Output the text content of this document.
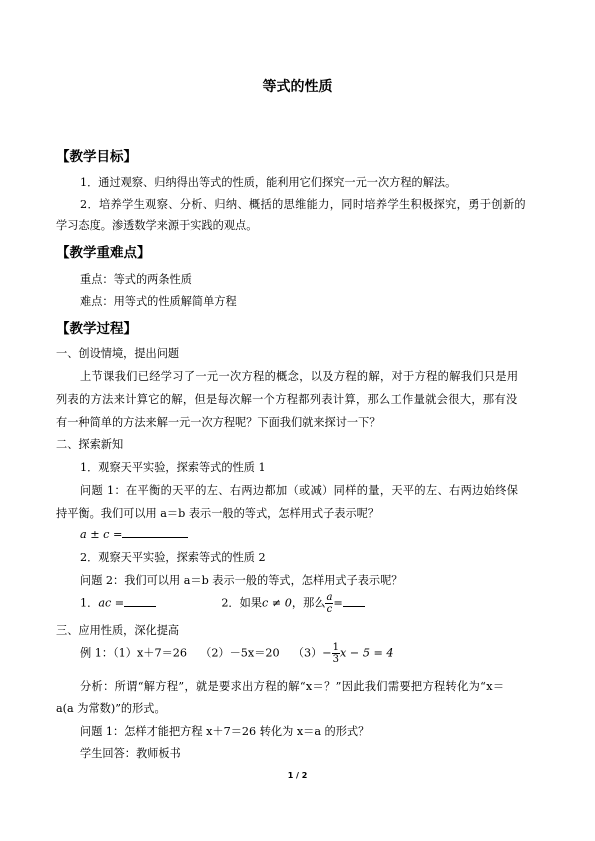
等式的性质
【教学目标】
1．通过观察、归纳得出等式的性质，能利用它们探究一元一次方程的解法。
2．培养学生观察、分析、归纳、概括的思维能力，同时培养学生积极探究，勇于创新的
学习态度。渗透数学来源于实践的观点。
【教学重难点】
重点：等式的两条性质
难点：用等式的性质解简单方程
【教学过程】
一、创设情境，提出问题
上节课我们已经学习了一元一次方程的概念，以及方程的解，对于方程的解我们只是用
列表的方法来计算它的解，但是每次解一个方程都列表计算，那么工作量就会很大，那有没
有一种简单的方法来解一元一次方程呢？下面我们就来探讨一下？
二、探索新知
1．观察天平实验，探索等式的性质 1
问题 1：在平衡的天平的左、右两边都加（或减）同样的量，天平的左、右两边始终保
持平衡。我们可以用 a＝b 表示一般的等式，怎样用式子表示呢？
a ± c =
2．观察天平实验，探索等式的性质 2
问题 2：我们可以用 a＝b 表示一般的等式，怎样用式子表示呢？
1．ac =	2．如果c ≠ 0，那么 $\frac{a}{c}$ =
三、应用性质，深化提高
例 1：（1）x＋7＝26 （2）－5x＝20 $(3)- \frac{1}{3}$ x − 5 = 4
分析：所谓“解方程”，就是要求出方程的解“x＝？”因此我们需要把方程转化为“x＝
a(a 为常数)”的形式。
问题 1：怎样才能把方程 x＋7＝26 转化为 x＝a 的形式？
学生回答：教师板书
1 / 2
